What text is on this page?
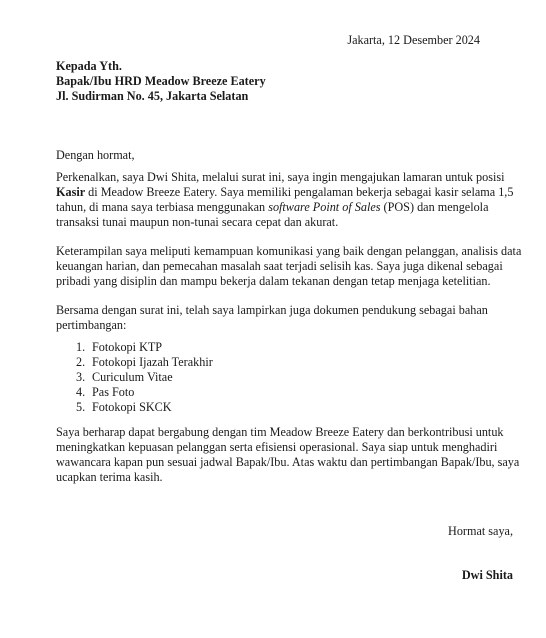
Jakarta, 12 Desember 2024
Kepada Yth.
Bapak/Ibu HRD Meadow Breeze Eatery
Jl. Sudirman No. 45, Jakarta Selatan
Dengan hormat,
Perkenalkan, saya Dwi Shita, melalui surat ini, saya ingin mengajukan lamaran untuk posisi
Kasir di Meadow Breeze Eatery. Saya memiliki pengalaman bekerja sebagai kasir selama 1,5
tahun, di mana saya terbiasa menggunakan software Point of Sales (POS) dan mengelola
transaksi tunai maupun non-tunai secara cepat dan akurat.
Keterampilan saya meliputi kemampuan komunikasi yang baik dengan pelanggan, analisis data
keuangan harian, dan pemecahan masalah saat terjadi selisih kas. Saya juga dikenal sebagai
pribadi yang disiplin dan mampu bekerja dalam tekanan dengan tetap menjaga ketelitian.
Bersama dengan surat ini, telah saya lampirkan juga dokumen pendukung sebagai bahan
pertimbangan:
1. Fotokopi KTP
2. Fotokopi Ijazah Terakhir
3. Curiculum Vitae
4. Pas Foto
5. Fotokopi SKCK
Saya berharap dapat bergabung dengan tim Meadow Breeze Eatery dan berkontribusi untuk
meningkatkan kepuasan pelanggan serta efisiensi operasional. Saya siap untuk menghadiri
wawancara kapan pun sesuai jadwal Bapak/Ibu. Atas waktu dan pertimbangan Bapak/Ibu, saya
ucapkan terima kasih.
Hormat saya,
Dwi Shita
